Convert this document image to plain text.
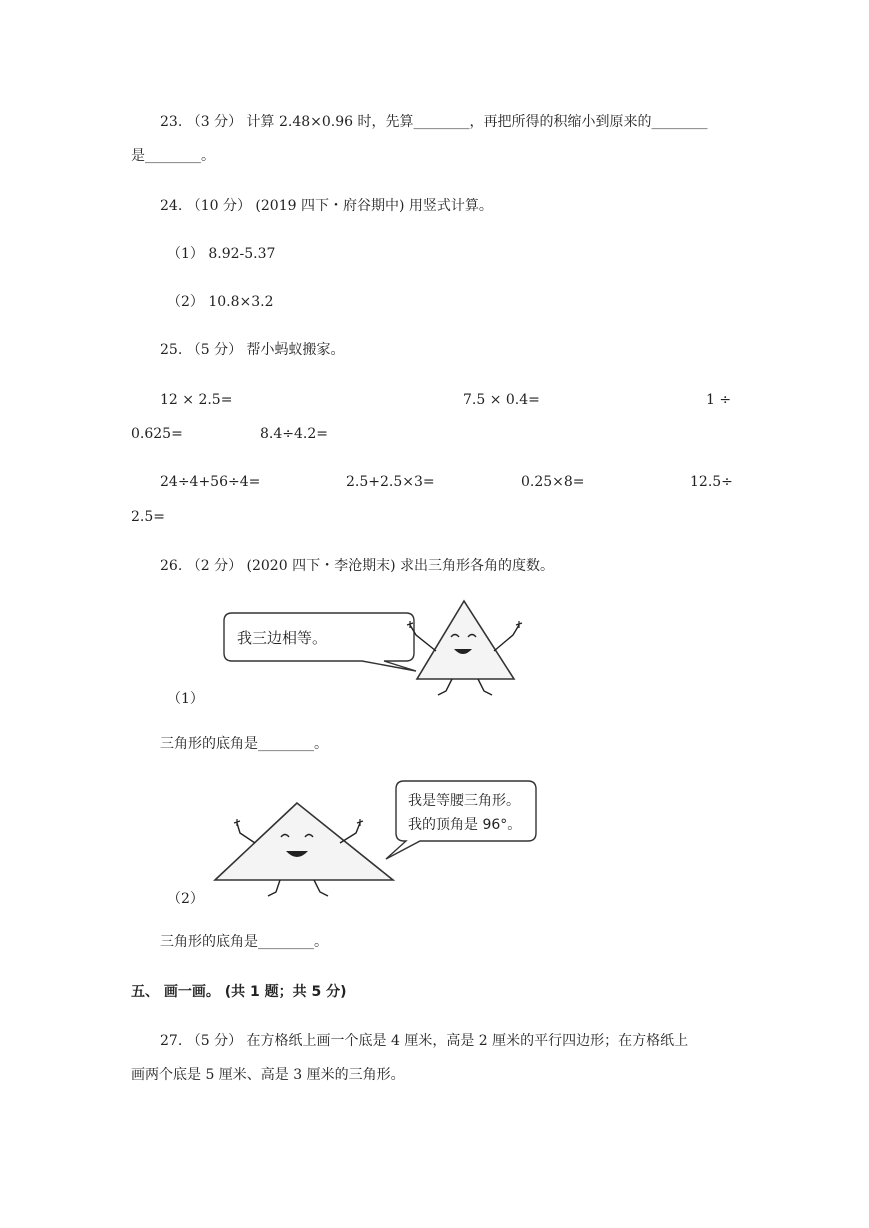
23. （3 分） 计算 2.48×0.96 时，先算________，再把所得的积缩小到原来的________
是________。
24. （10 分） (2019 四下・府谷期中) 用竖式计算。
（1） 8.92-5.37
（2） 10.8×3.2
25. （5 分） 帮小蚂蚁搬家。
12 × 2.5=	7.5 × 0.4=	1 ÷
0.625=	8.4÷4.2=
24÷4+56÷4=	2.5+2.5×3=	0.25×8=	12.5÷
2.5=
26. （2 分） (2020 四下・李沧期末) 求出三角形各角的度数。
我三边相等。
（1）
三角形的底角是________。
我是等腰三角形。
我的顶角是 96°。
（2）
三角形的底角是________。
五、 画一画。 (共 1 题；共 5 分)
27. （5 分） 在方格纸上画一个底是 4 厘米，高是 2 厘米的平行四边形；在方格纸上
画两个底是 5 厘米、高是 3 厘米的三角形。
